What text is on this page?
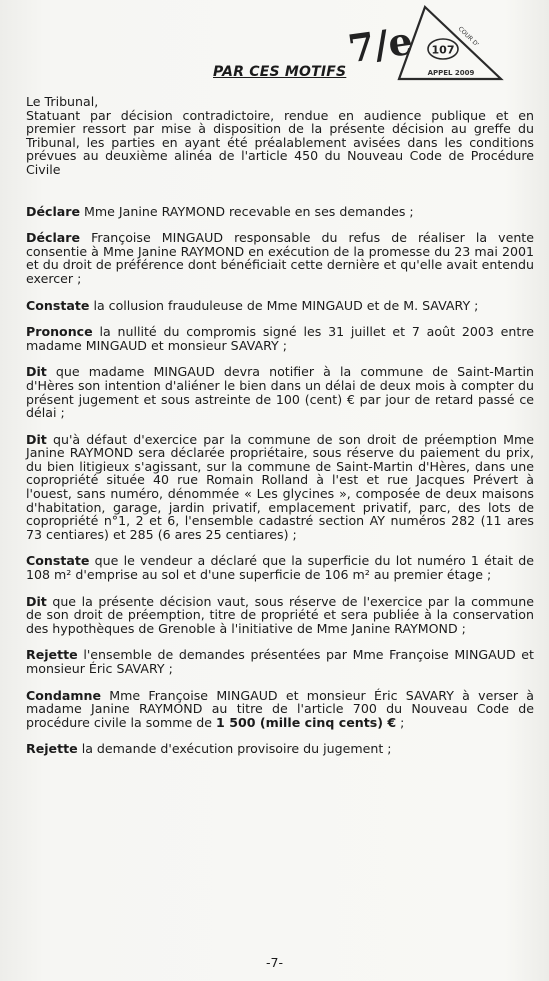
PAR CES MOTIFS
7/e 107
COUR D'
APPEL 2009

Le Tribunal,

Statuant par décision contradictoire, rendue en audience publique et en premier ressort par mise à disposition de la présente décision au greffe du Tribunal, les parties en ayant été préalablement avisées dans les conditions prévues au deuxième alinéa de l'article 450 du Nouveau Code de Procédure Civile

Déclare Mme Janine RAYMOND recevable en ses demandes ;

Déclare Françoise MINGAUD responsable du refus de réaliser la vente consentie à Mme Janine RAYMOND en exécution de la promesse du 23 mai 2001 et du droit de préférence dont bénéficiait cette dernière et qu'elle avait entendu exercer ;

Constate la collusion frauduleuse de Mme MINGAUD et de M. SAVARY ;

Prononce la nullité du compromis signé les 31 juillet et 7 août 2003 entre madame MINGAUD et monsieur SAVARY ;

Dit que madame MINGAUD devra notifier à la commune de Saint-Martin d'Hères son intention d'aliéner le bien dans un délai de deux mois à compter du présent jugement et sous astreinte de 100 (cent) € par jour de retard passé ce délai ;

Dit qu'à défaut d'exercice par la commune de son droit de préemption Mme Janine RAYMOND sera déclarée propriétaire, sous réserve du paiement du prix, du bien litigieux s'agissant, sur la commune de Saint-Martin d'Hères, dans une copropriété située 40 rue Romain Rolland à l'est et rue Jacques Prévert à l'ouest, sans numéro, dénommée « Les glycines », composée de deux maisons d'habitation, garage, jardin privatif, emplacement privatif, parc, des lots de copropriété n°1, 2 et 6, l'ensemble cadastré section AY numéros 282 (11 ares 73 centiares) et 285 (6 ares 25 centiares) ;

Constate que le vendeur a déclaré que la superficie du lot numéro 1 était de 108 m² d'emprise au sol et d'une superficie de 106 m² au premier étage ;

Dit que la présente décision vaut, sous réserve de l'exercice par la commune de son droit de préemption, titre de propriété et sera publiée à la conservation des hypothèques de Grenoble à l'initiative de Mme Janine RAYMOND ;

Rejette l'ensemble de demandes présentées par Mme Françoise MINGAUD et monsieur Éric SAVARY ;

Condamne Mme Françoise MINGAUD et monsieur Éric SAVARY à verser à madame Janine RAYMOND au titre de l'article 700 du Nouveau Code de procédure civile la somme de 1 500 (mille cinq cents) € ;

Rejette la demande d'exécution provisoire du jugement ;

-7-
